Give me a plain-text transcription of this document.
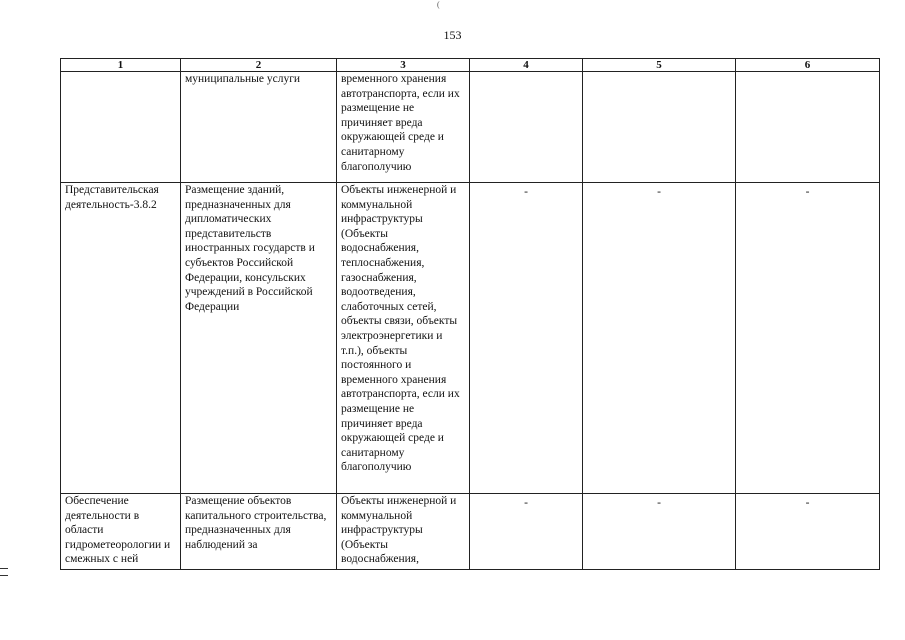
(
153
1	2	3	4	5	6
	муниципальные услуги	временного хранения автотранспорта, если их размещение не причиняет вреда окружающей среде и санитарному благополучию			
Представительская деятельность-3.8.2	Размещение зданий, предназначенных для дипломатических представительств иностранных государств и субъектов Российской Федерации, консульских учреждений в Российской Федерации	Объекты инженерной и коммунальной инфраструктуры (Объекты водоснабжения, теплоснабжения, газоснабжения, водоотведения, слаботочных сетей, объекты связи, объекты электроэнергетики и т.п.), объекты постоянного и временного хранения автотранспорта, если их размещение не причиняет вреда окружающей среде и санитарному благополучию	-	-	-
Обеспечение деятельности в области гидрометеорологии и смежных с ней	Размещение объектов капитального строительства, предназначенных для наблюдений за	Объекты инженерной и коммунальной инфраструктуры (Объекты водоснабжения,	-	-	-
